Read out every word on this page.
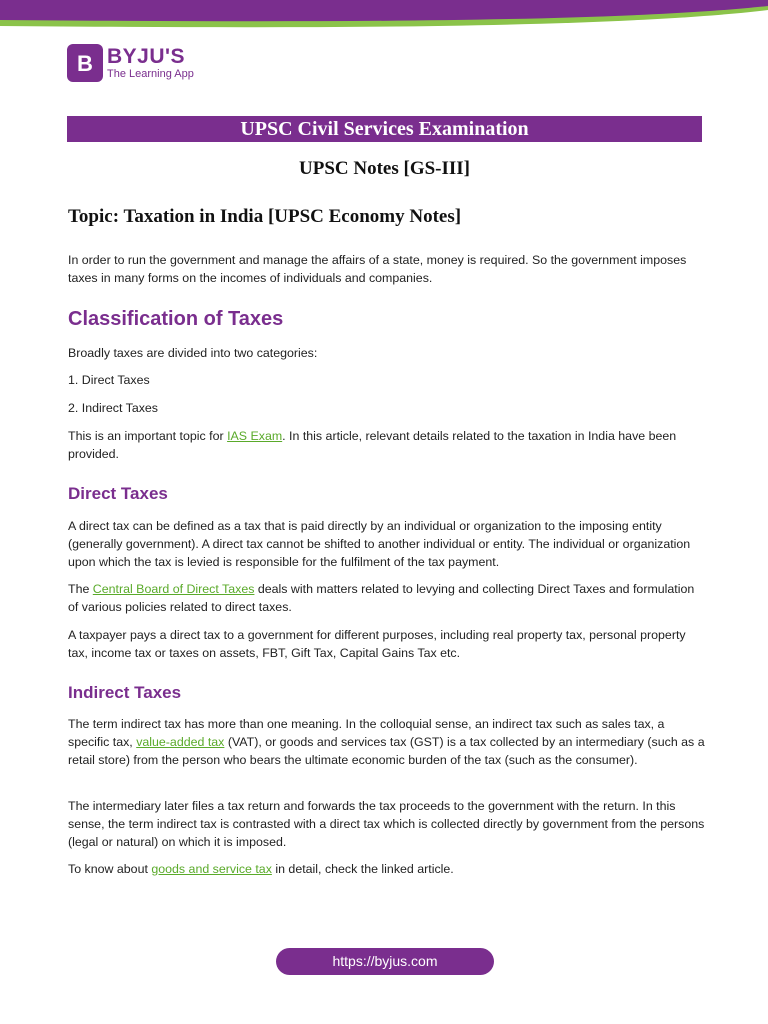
B BYJU'S
The Learning App
UPSC Civil Services Examination
UPSC Notes [GS-III]
Topic: Taxation in India [UPSC Economy Notes]

In order to run the government and manage the affairs of a state, money is required. So the government imposes taxes in many forms on the incomes of individuals and companies.

Classification of Taxes

Broadly taxes are divided into two categories:

1. Direct Taxes

2. Indirect Taxes

This is an important topic for IAS Exam. In this article, relevant details related to the taxation in India have been provided.

Direct Taxes

A direct tax can be defined as a tax that is paid directly by an individual or organization to the imposing entity (generally government). A direct tax cannot be shifted to another individual or entity. The individual or organization upon which the tax is levied is responsible for the fulfilment of the tax payment.

The Central Board of Direct Taxes deals with matters related to levying and collecting Direct Taxes and formulation of various policies related to direct taxes.

A taxpayer pays a direct tax to a government for different purposes, including real property tax, personal property tax, income tax or taxes on assets, FBT, Gift Tax, Capital Gains Tax etc.

Indirect Taxes

The term indirect tax has more than one meaning. In the colloquial sense, an indirect tax such as sales tax, a specific tax, value-added tax (VAT), or goods and services tax (GST) is a tax collected by an intermediary (such as a retail store) from the person who bears the ultimate economic burden of the tax (such as the consumer).

The intermediary later files a tax return and forwards the tax proceeds to the government with the return. In this sense, the term indirect tax is contrasted with a direct tax which is collected directly by government from the persons (legal or natural) on which it is imposed.

To know about goods and service tax in detail, check the linked article.

https://byjus.com
